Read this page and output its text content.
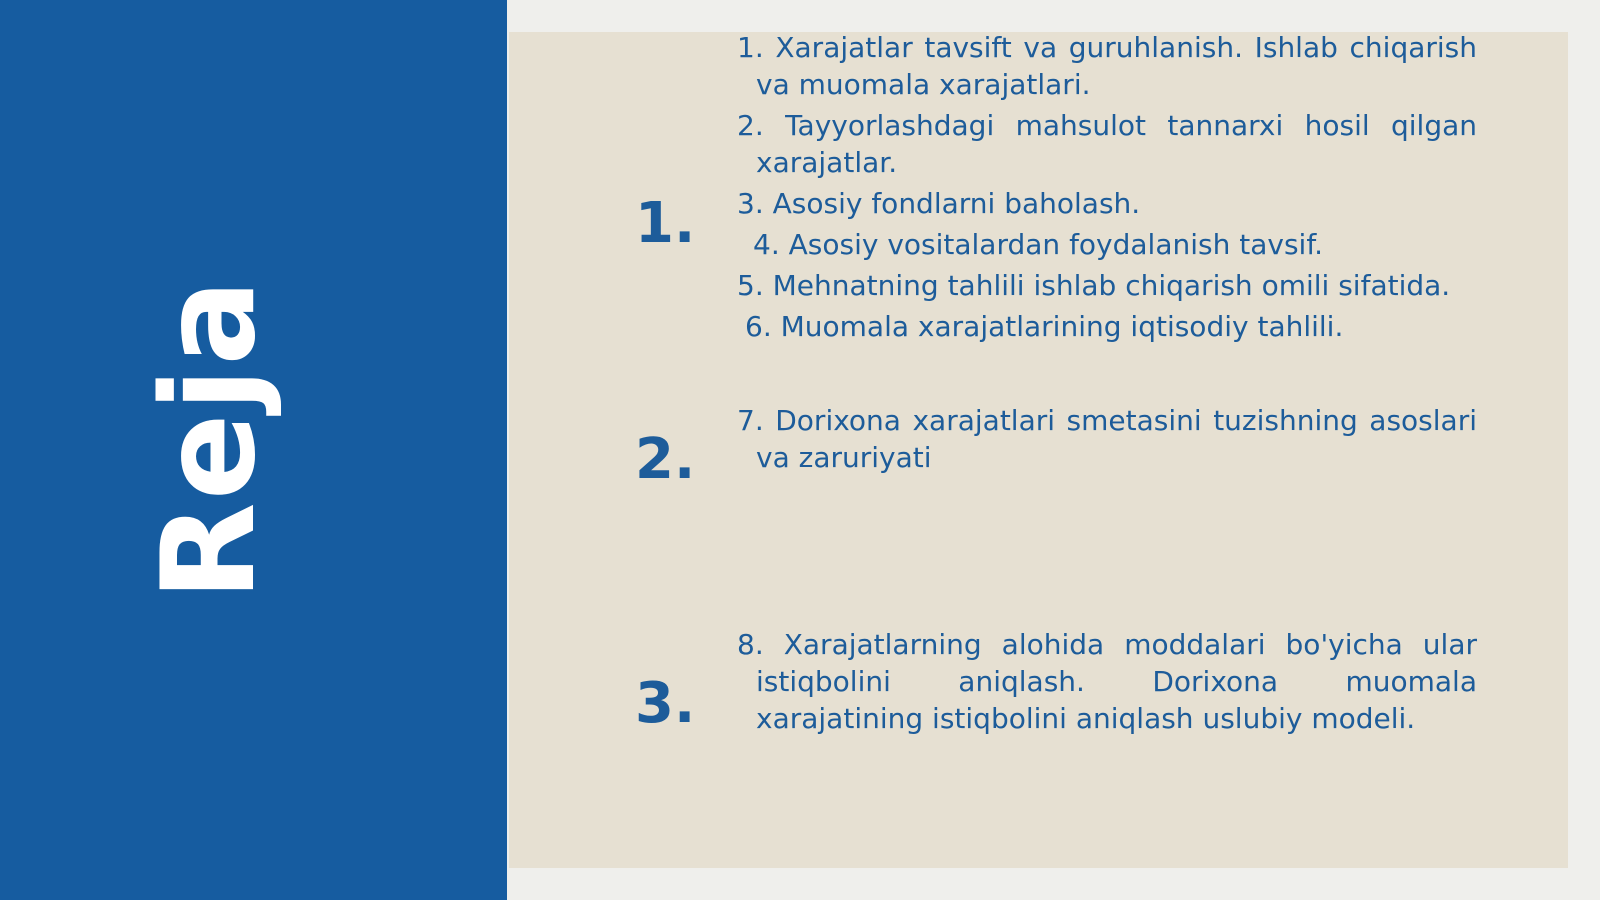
Reja
1.
1. Xarajatlar tavsift va guruhlanish. Ishlab chiqarish va muomala xarajatlari.
2. Tayyorlashdagi mahsulot tannarxi hosil qilgan xarajatlar.
3. Asosiy fondlarni baholash.
4. Asosiy vositalardan foydalanish tavsif.
5. Mehnatning tahlili ishlab chiqarish omili sifatida.
6. Muomala xarajatlarining iqtisodiy tahlili.
2.
7. Dorixona xarajatlari smetasini tuzishning asoslari va zaruriyati
3.
8. Xarajatlarning alohida moddalari bo'yicha ular istiqbolini aniqlash. Dorixona muomala xarajatining istiqbolini aniqlash uslubiy modeli.
